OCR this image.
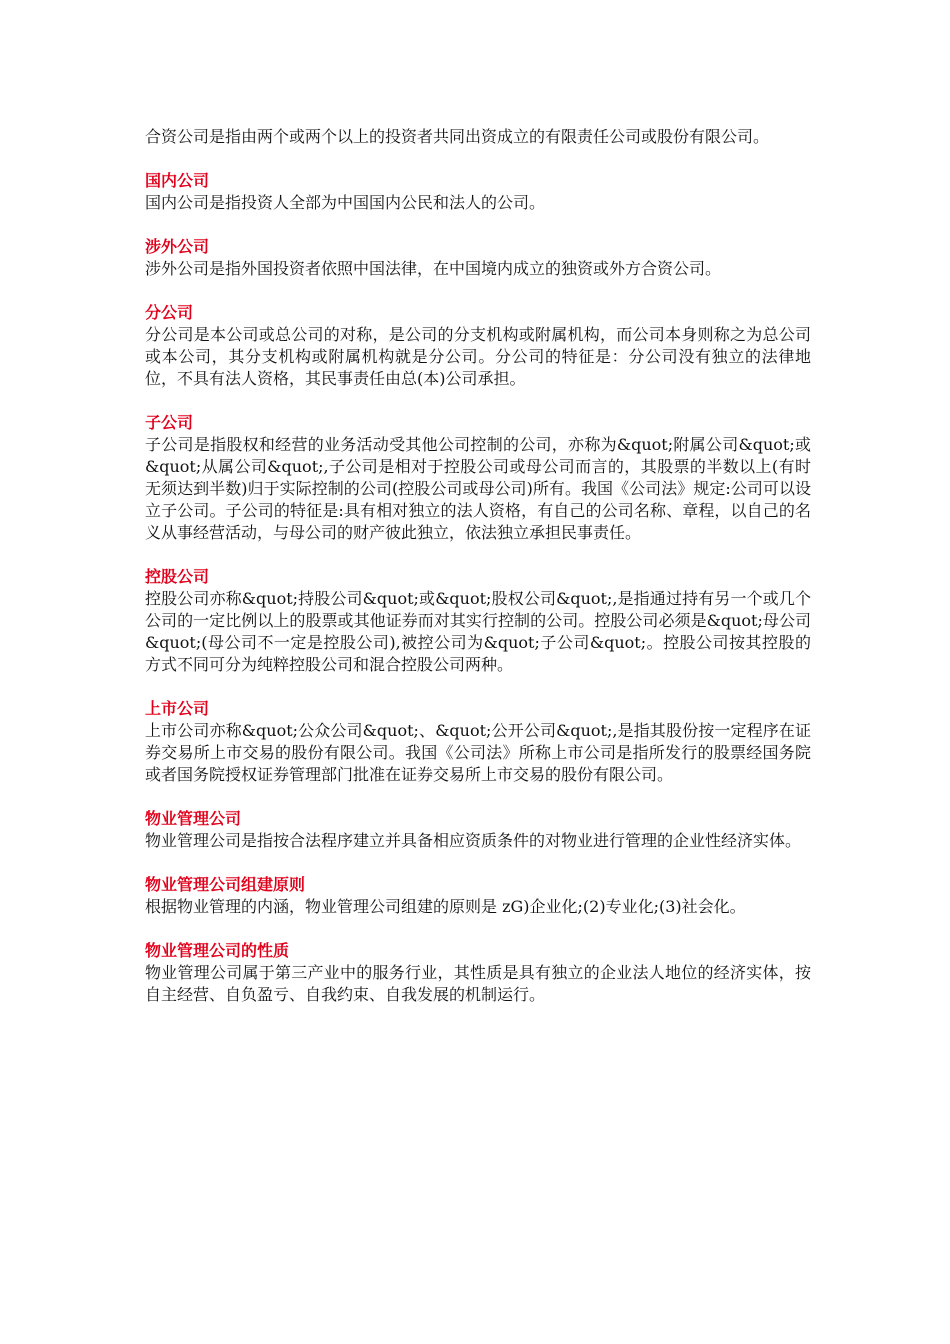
合资公司是指由两个或两个以上的投资者共同出资成立的有限责任公司或股份有限公司。

国内公司

国内公司是指投资人全部为中国国内公民和法人的公司。

涉外公司

涉外公司是指外国投资者依照中国法律，在中国境内成立的独资或外方合资公司。

分公司

分公司是本公司或总公司的对称，是公司的分支机构或附属机构，而公司本身则称之为总公司或本公司，其分支机构或附属机构就是分公司。分公司的特征是：分公司没有独立的法律地位，不具有法人资格，其民事责任由总(本)公司承担。

子公司

子公司是指股权和经营的业务活动受其他公司控制的公司，亦称为&quot;附属公司&quot;或&quot;从属公司&quot;,子公司是相对于控股公司或母公司而言的，其股票的半数以上(有时无须达到半数)归于实际控制的公司(控股公司或母公司)所有。我国《公司法》规定:公司可以设立子公司。子公司的特征是:具有相对独立的法人资格，有自己的公司名称、章程，以自己的名义从事经营活动，与母公司的财产彼此独立，依法独立承担民事责任。

控股公司

控股公司亦称&quot;持股公司&quot;或&quot;股权公司&quot;,是指通过持有另一个或几个公司的一定比例以上的股票或其他证券而对其实行控制的公司。控股公司必须是&quot;母公司&quot;(母公司不一定是控股公司),被控公司为&quot;子公司&quot;。控股公司按其控股的方式不同可分为纯粹控股公司和混合控股公司两种。

上市公司

上市公司亦称&quot;公众公司&quot;、&quot;公开公司&quot;,是指其股份按一定程序在证券交易所上市交易的股份有限公司。我国《公司法》所称上市公司是指所发行的股票经国务院或者国务院授权证券管理部门批准在证券交易所上市交易的股份有限公司。

物业管理公司

物业管理公司是指按合法程序建立并具备相应资质条件的对物业进行管理的企业性经济实体。

物业管理公司组建原则

根据物业管理的内涵，物业管理公司组建的原则是 zG)企业化;(2)专业化;(3)社会化。

物业管理公司的性质

物业管理公司属于第三产业中的服务行业，其性质是具有独立的企业法人地位的经济实体，按自主经营、自负盈亏、自我约束、自我发展的机制运行。
